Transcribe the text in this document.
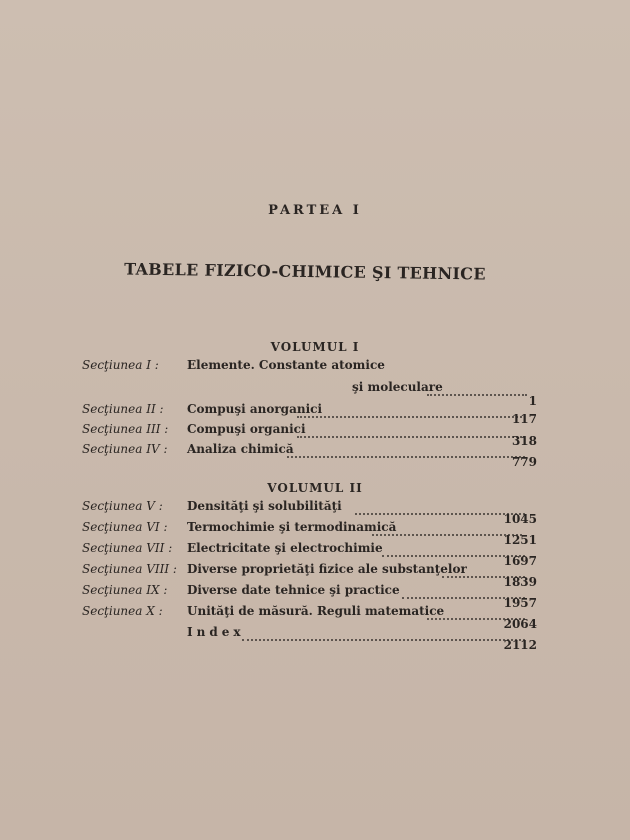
PARTEA I
TABELE FIZICO-CHIMICE ŞI TEHNICE
VOLUMUL I
Secţiunea I : Elemente. Constante atomice
şi moleculare
1
Secţiunea II : Compuşi anorganici
117
Secţiunea III : Compuşi organici
318
Secţiunea IV : Analiza chimică
779
VOLUMUL II
Secţiunea V : Densităţi şi solubilităţi
1045
Secţiunea VI : Termochimie şi termodinamică
1251
Secţiunea VII : Electricitate şi electrochimie
1697
Secţiunea VIII : Diverse proprietăţi fizice ale substanţelor
1839
Secţiunea IX : Diverse date tehnice şi practice
1957
Secţiunea X : Unităţi de măsură. Reguli matematice
2064
Index
2112
